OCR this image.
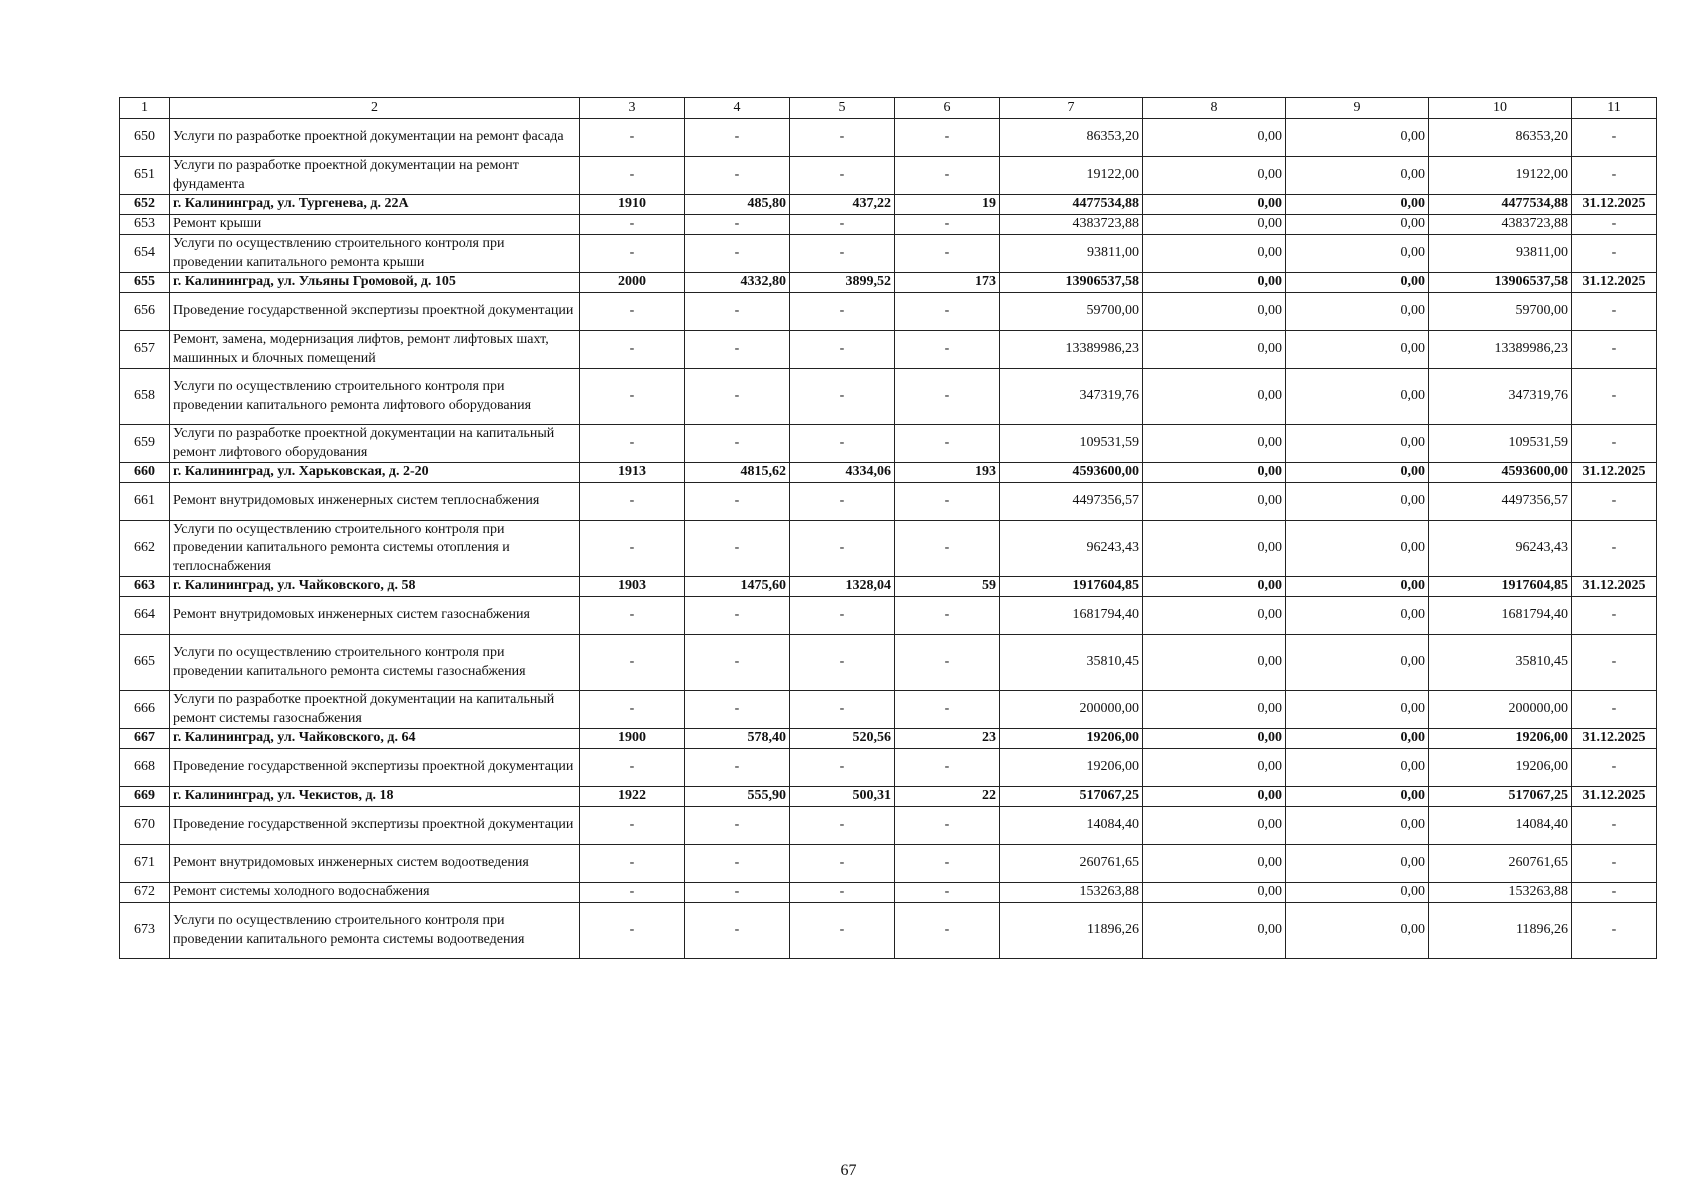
1	2	3	4	5	6	7	8	9	10	11
650	Услуги по разработке проектной документации на ремонт фасада	-	-	-	-	86353,20	0,00	0,00	86353,20	-
651	Услуги по разработке проектной документации на ремонт фундамента	-	-	-	-	19122,00	0,00	0,00	19122,00	-
652	г. Калининград, ул. Тургенева, д. 22А	1910	485,80	437,22	19	4477534,88	0,00	0,00	4477534,88	31.12.2025
653	Ремонт крыши	-	-	-	-	4383723,88	0,00	0,00	4383723,88	-
654	Услуги по осуществлению строительного контроля при проведении капитального ремонта крыши	-	-	-	-	93811,00	0,00	0,00	93811,00	-
655	г. Калининград, ул. Ульяны Громовой, д. 105	2000	4332,80	3899,52	173	13906537,58	0,00	0,00	13906537,58	31.12.2025
656	Проведение государственной экспертизы проектной документации	-	-	-	-	59700,00	0,00	0,00	59700,00	-
657	Ремонт, замена, модернизация лифтов, ремонт лифтовых шахт, машинных и блочных помещений	-	-	-	-	13389986,23	0,00	0,00	13389986,23	-
658	Услуги по осуществлению строительного контроля при проведении капитального ремонта лифтового оборудования	-	-	-	-	347319,76	0,00	0,00	347319,76	-
659	Услуги по разработке проектной документации на капитальный ремонт лифтового оборудования	-	-	-	-	109531,59	0,00	0,00	109531,59	-
660	г. Калининград, ул. Харьковская, д. 2-20	1913	4815,62	4334,06	193	4593600,00	0,00	0,00	4593600,00	31.12.2025
661	Ремонт внутридомовых инженерных систем теплоснабжения	-	-	-	-	4497356,57	0,00	0,00	4497356,57	-
662	Услуги по осуществлению строительного контроля при проведении капитального ремонта системы отопления и теплоснабжения	-	-	-	-	96243,43	0,00	0,00	96243,43	-
663	г. Калининград, ул. Чайковского, д. 58	1903	1475,60	1328,04	59	1917604,85	0,00	0,00	1917604,85	31.12.2025
664	Ремонт внутридомовых инженерных систем газоснабжения	-	-	-	-	1681794,40	0,00	0,00	1681794,40	-
665	Услуги по осуществлению строительного контроля при проведении капитального ремонта системы газоснабжения	-	-	-	-	35810,45	0,00	0,00	35810,45	-
666	Услуги по разработке проектной документации на капитальный ремонт системы газоснабжения	-	-	-	-	200000,00	0,00	0,00	200000,00	-
667	г. Калининград, ул. Чайковского, д. 64	1900	578,40	520,56	23	19206,00	0,00	0,00	19206,00	31.12.2025
668	Проведение государственной экспертизы проектной документации	-	-	-	-	19206,00	0,00	0,00	19206,00	-
669	г. Калининград, ул. Чекистов, д. 18	1922	555,90	500,31	22	517067,25	0,00	0,00	517067,25	31.12.2025
670	Проведение государственной экспертизы проектной документации	-	-	-	-	14084,40	0,00	0,00	14084,40	-
671	Ремонт внутридомовых инженерных систем водоотведения	-	-	-	-	260761,65	0,00	0,00	260761,65	-
672	Ремонт системы холодного водоснабжения	-	-	-	-	153263,88	0,00	0,00	153263,88	-
673	Услуги по осуществлению строительного контроля при проведении капитального ремонта системы водоотведения	-	-	-	-	11896,26	0,00	0,00	11896,26	-
67
